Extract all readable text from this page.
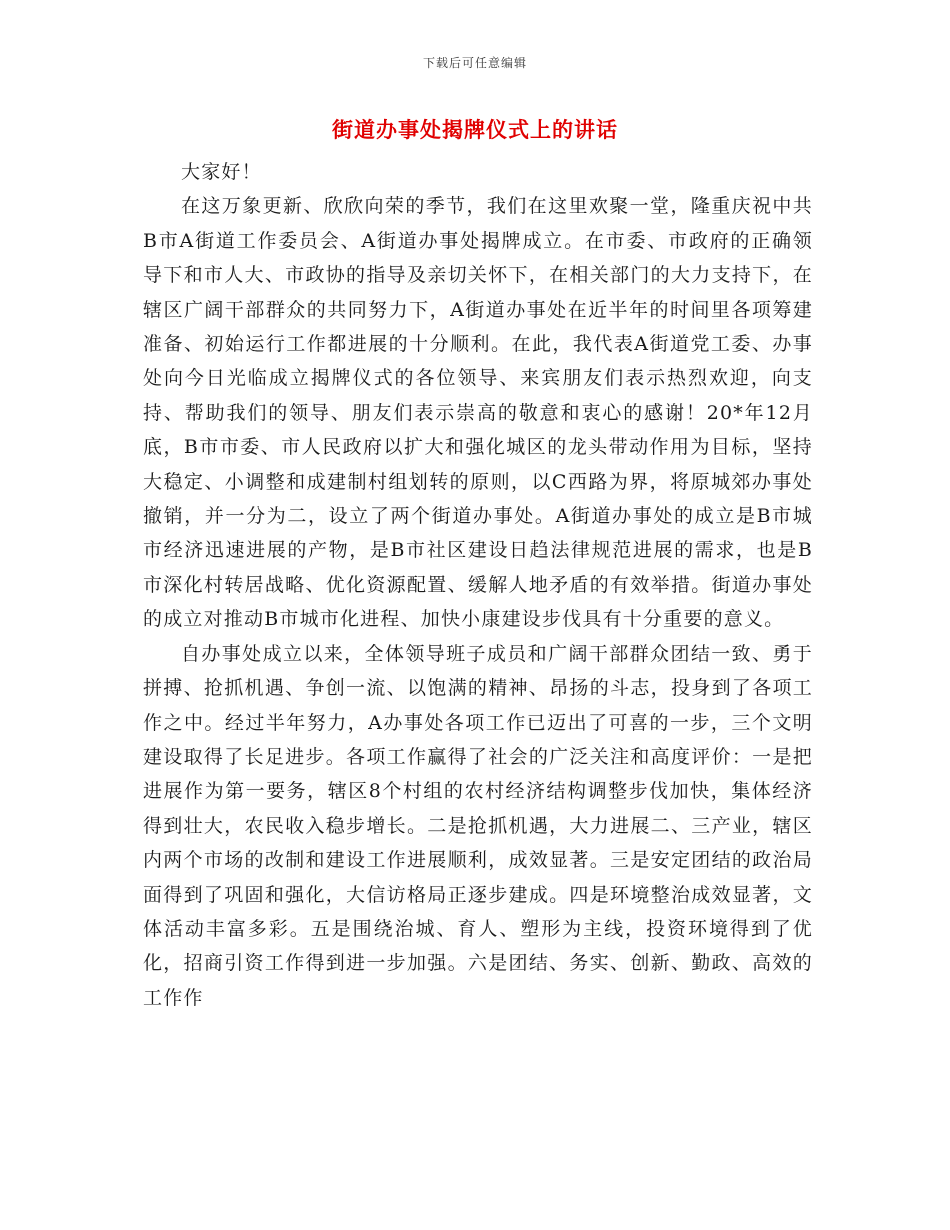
下载后可任意编辑
街道办事处揭牌仪式上的讲话

大家好！

在这万象更新、欣欣向荣的季节，我们在这里欢聚一堂，隆重庆祝中共B市A街道工作委员会、A街道办事处揭牌成立。在市委、市政府的正确领导下和市人大、市政协的指导及亲切关怀下，在相关部门的大力支持下，在辖区广阔干部群众的共同努力下，A街道办事处在近半年的时间里各项筹建准备、初始运行工作都进展的十分顺利。在此，我代表A街道党工委、办事处向今日光临成立揭牌仪式的各位领导、来宾朋友们表示热烈欢迎，向支持、帮助我们的领导、朋友们表示崇高的敬意和衷心的感谢！20*年12月底，B市市委、市人民政府以扩大和强化城区的龙头带动作用为目标，坚持大稳定、小调整和成建制村组划转的原则，以C西路为界，将原城郊办事处撤销，并一分为二，设立了两个街道办事处。A街道办事处的成立是B市城市经济迅速进展的产物，是B市社区建设日趋法律规范进展的需求，也是B市深化村转居战略、优化资源配置、缓解人地矛盾的有效举措。街道办事处的成立对推动B市城市化进程、加快小康建设步伐具有十分重要的意义。

自办事处成立以来，全体领导班子成员和广阔干部群众团结一致、勇于拼搏、抢抓机遇、争创一流、以饱满的精神、昂扬的斗志，投身到了各项工作之中。经过半年努力，A办事处各项工作已迈出了可喜的一步，三个文明建设取得了长足进步。各项工作赢得了社会的广泛关注和高度评价：一是把进展作为第一要务，辖区8个村组的农村经济结构调整步伐加快，集体经济得到壮大，农民收入稳步增长。二是抢抓机遇，大力进展二、三产业，辖区内两个市场的改制和建设工作进展顺利，成效显著。三是安定团结的政治局面得到了巩固和强化，大信访格局正逐步建成。四是环境整治成效显著，文体活动丰富多彩。五是围绕治城、育人、塑形为主线，投资环境得到了优化，招商引资工作得到进一步加强。六是团结、务实、创新、勤政、高效的工作作
